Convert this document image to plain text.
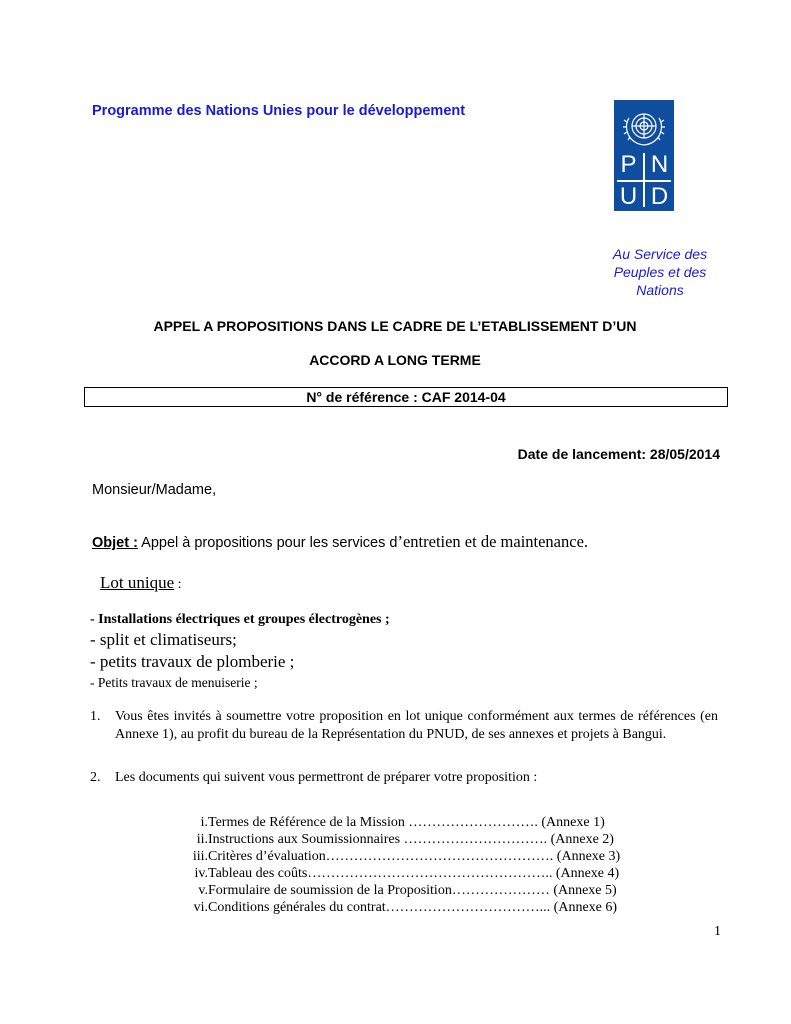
Programme des Nations Unies pour le développement
P N
U D
Au Service des
Peuples et des
Nations
APPEL A PROPOSITIONS DANS LE CADRE DE L’ETABLISSEMENT D’UN
ACCORD A LONG TERME
N° de référence : CAF 2014-04
Date de lancement: 28/05/2014
Monsieur/Madame,
Objet : Appel à propositions pour les services d’entretien et de maintenance.
Lot unique :
- Installations électriques et groupes électrogènes ;
- split et climatiseurs;
- petits travaux de plomberie ;
- Petits travaux de menuiserie ;
1. Vous êtes invités à soumettre votre proposition en lot unique conformément aux termes de références (en Annexe 1), au profit du bureau de la Représentation du PNUD, de ses annexes et projets à Bangui.
2. Les documents qui suivent vous permettront de préparer votre proposition :
i. Termes de Référence de la Mission ………………………. (Annexe 1)
ii. Instructions aux Soumissionnaires …………………………. (Annexe 2)
iii. Critères d’évaluation…………………………………………. (Annexe 3)
iv. Tableau des coûts…………………………………………….. (Annexe 4)
v. Formulaire de soumission de la Proposition………………… (Annexe 5)
vi. Conditions générales du contrat……………………………... (Annexe 6)
1
